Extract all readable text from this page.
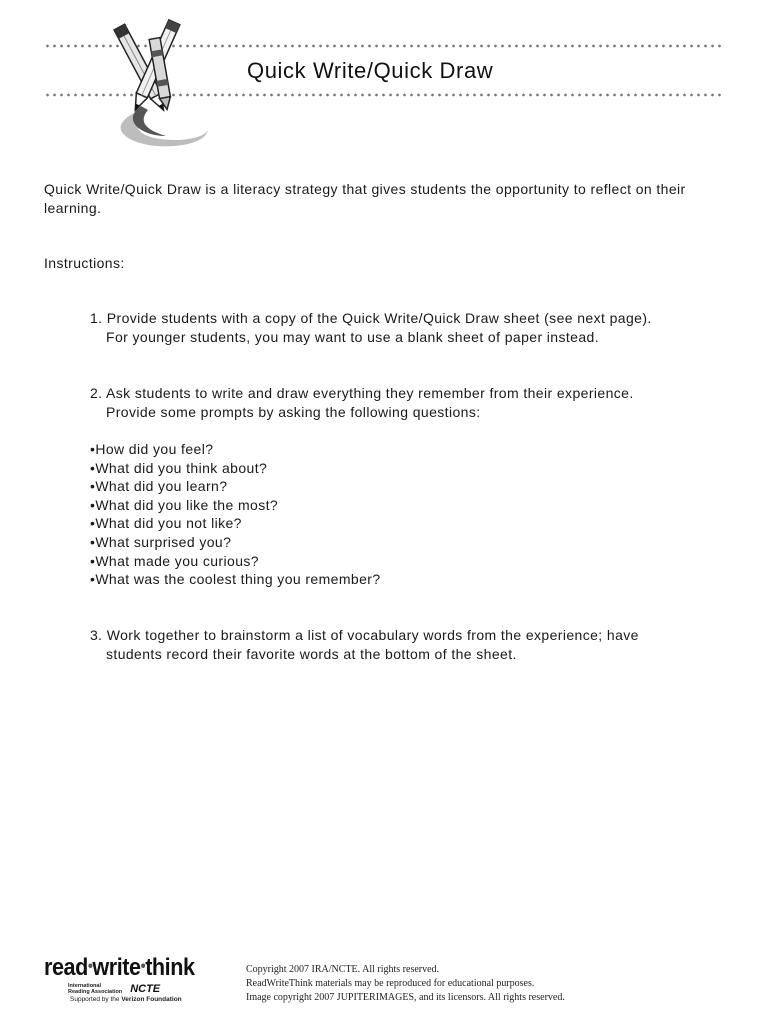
Quick Write/Quick Draw
Quick Write/Quick Draw is a literacy strategy that gives students the opportunity to reflect on their learning.
Instructions:
1. Provide students with a copy of the Quick Write/Quick Draw sheet (see next page).
For younger students, you may want to use a blank sheet of paper instead.
2. Ask students to write and draw everything they remember from their experience.
Provide some prompts by asking the following questions:
• How did you feel?
• What did you think about?
• What did you learn?
• What did you like the most?
• What did you not like?
• What surprised you?
• What made you curious?
• What was the coolest thing you remember?
3. Work together to brainstorm a list of vocabulary words from the experience; have
students record their favorite words at the bottom of the sheet.
read•write•think
International
Reading Association NCTE
Supported by the Verizon Foundation
Copyright 2007 IRA/NCTE. All rights reserved.
ReadWriteThink materials may be reproduced for educational purposes.
Image copyright 2007 JUPITERIMAGES, and its licensors. All rights reserved.
